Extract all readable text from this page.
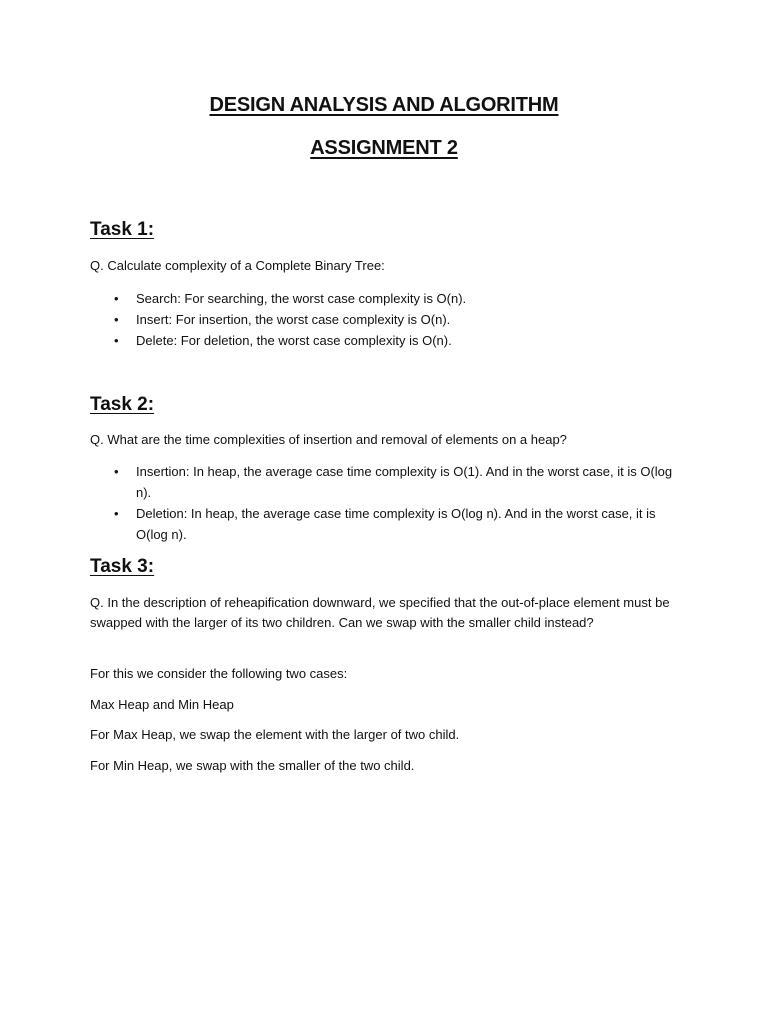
DESIGN ANALYSIS AND ALGORITHM
ASSIGNMENT 2
Task 1:
Q. Calculate complexity of a Complete Binary Tree:
• Search: For searching, the worst case complexity is O(n).
• Insert: For insertion, the worst case complexity is O(n).
• Delete: For deletion, the worst case complexity is O(n).
Task 2:
Q. What are the time complexities of insertion and removal of elements on a heap?
• Insertion: In heap, the average case time complexity is O(1). And in the worst case, it is O(log n).
• Deletion: In heap, the average case time complexity is O(log n). And in the worst case, it is O(log n).
Task 3:

Q. In the description of reheapification downward, we specified that the out-of-place element must be swapped with the larger of its two children. Can we swap with the smaller child instead?

For this we consider the following two cases:
Max Heap and Min Heap
For Max Heap, we swap the element with the larger of two child.
For Min Heap, we swap with the smaller of the two child.
